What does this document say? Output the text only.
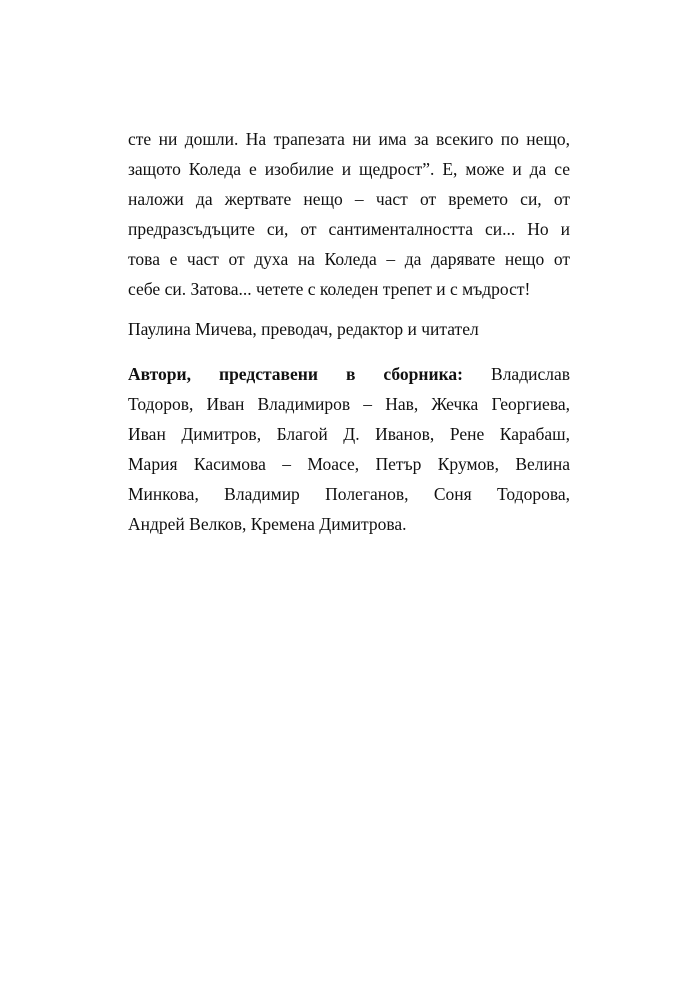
сте ни дошли. На трапезата ни има за всекиго по нещо,
защото Коледа е изобилие и щедрост”. Е, може и да се
наложи да жертвате нещо – част от времето си, от
предразсъдъците си, от сантименталността си... Но и
това е част от духа на Коледа – да дарявате нещо от
себе си. Затова... четете с коледен трепет и с мъдрост!
Паулина Мичева, преводач, редактор и читател
Автори, представени в сборника: Владислав
Тодоров, Иван Владимиров – Нав, Жечка Георгиева,
Иван Димитров, Благой Д. Иванов, Рене Карабаш,
Мария Касимова – Моасе, Петър Крумов, Велина
Минкова, Владимир Полеганов, Соня Тодорова,
Андрей Велков, Кремена Димитрова.
